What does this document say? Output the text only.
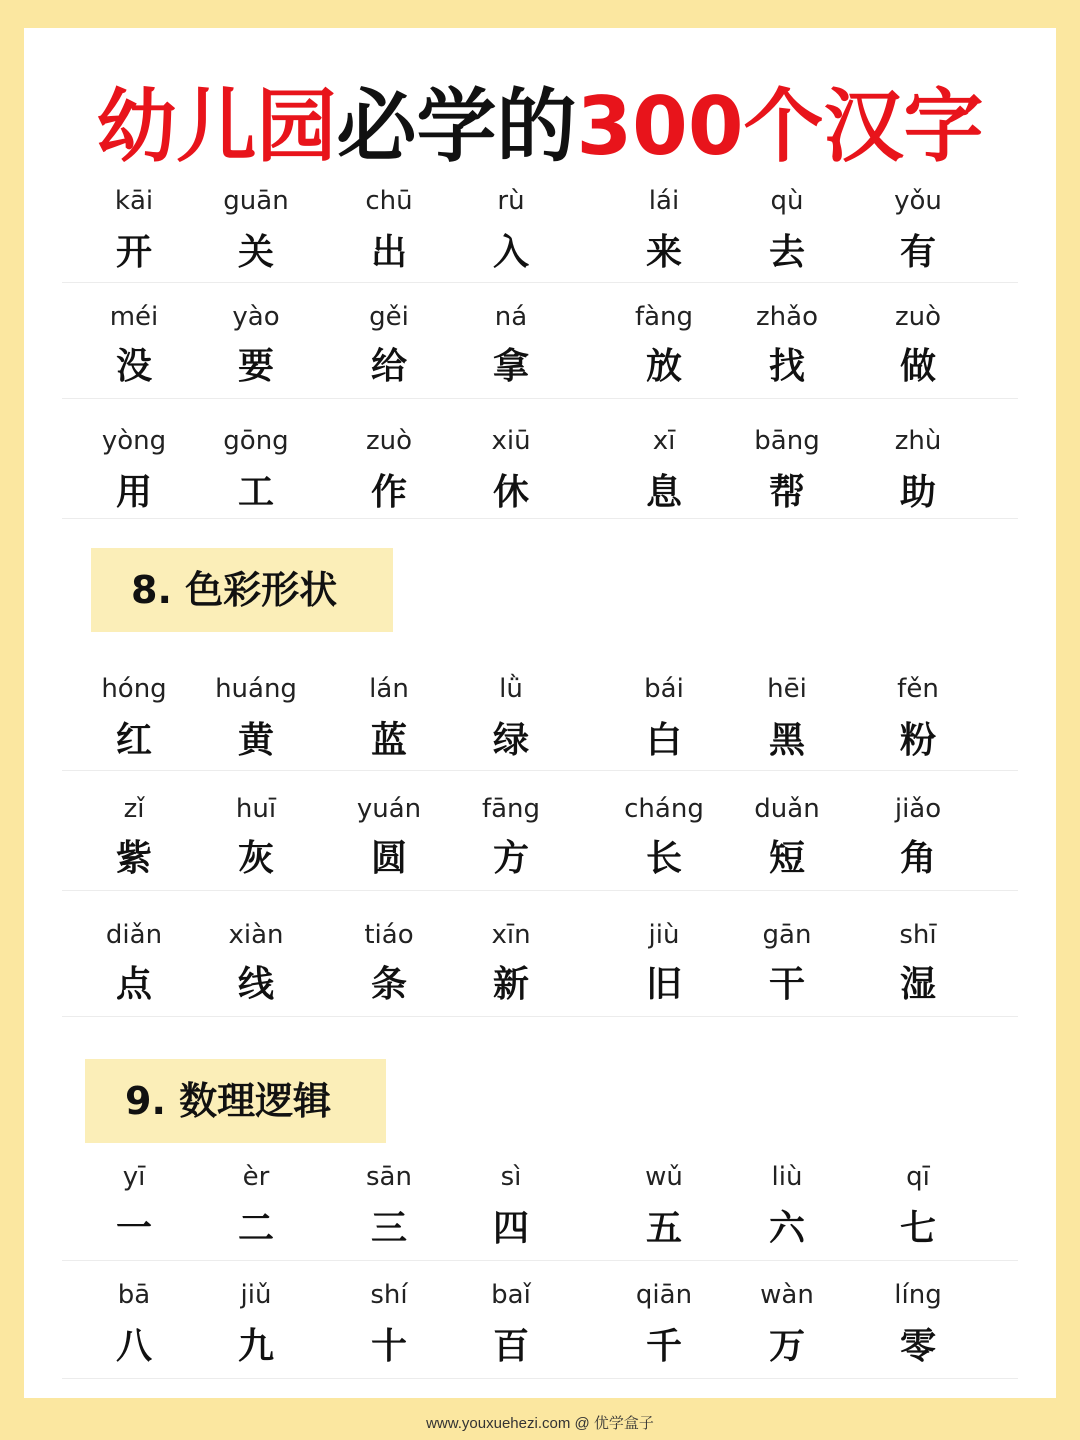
幼儿园必学的300个汉字
8. 色彩形状
9. 数理逻辑
kāi
开
guān
关
chū
出
rù
入
lái
来
qù
去
yǒu
有
méi
没
yào
要
gěi
给
ná
拿
fàng
放
zhǎo
找
zuò
做
yòng
用
gōng
工
zuò
作
xiū
休
xī
息
bāng
帮
zhù
助
hóng
红
huáng
黄
lán
蓝
lǜ
绿
bái
白
hēi
黑
fěn
粉
zǐ
紫
huī
灰
yuán
圆
fāng
方
cháng
长
duǎn
短
jiǎo
角
diǎn
点
xiàn
线
tiáo
条
xīn
新
jiù
旧
gān
干
shī
湿
yī
一
èr
二
sān
三
sì
四
wǔ
五
liù
六
qī
七
bā
八
jiǔ
九
shí
十
baǐ
百
qiān
千
wàn
万
líng
零
www.youxuehezi.com @ 优学盒子
